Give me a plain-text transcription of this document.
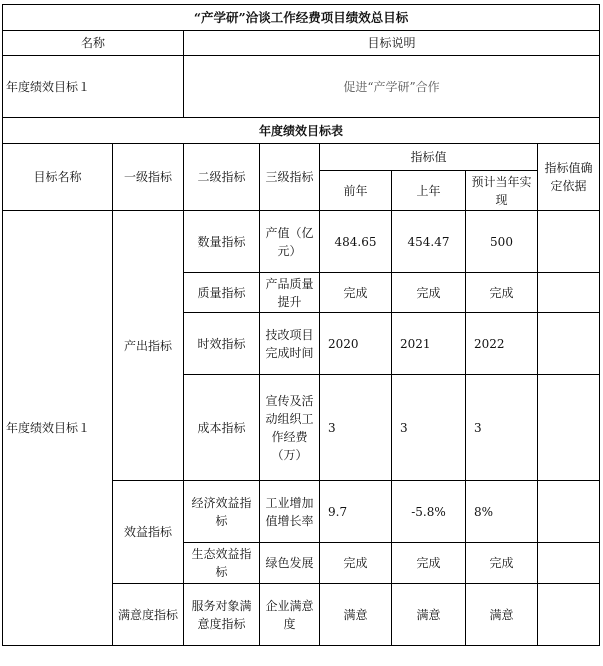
“产学研”洽谈工作经费项目绩效总目标							
名称		目标说明					
年度绩效目标１		促进“产学研”合作					
年度绩效目标表							
目标名称	一级指标	二级指标	三级指标	指标值			指标值确定依据
				前年	上年	预计当年实现	
年度绩效目标１	产出指标	数量指标	产值（亿元）	484.65	454.47	500	
		质量指标	产品质量提升	完成	完成	完成	
		时效指标	技改项目完成时间	2020	2021	2022	
		成本指标	宣传及活动组织工作经费（万）	3	3	3	
	效益指标	经济效益指标	工业增加值增长率	9.7	-5.8%	8%	
		生态效益指标	绿色发展	完成	完成	完成	
	满意度指标	服务对象满意度指标	企业满意度	满意	满意	满意	
